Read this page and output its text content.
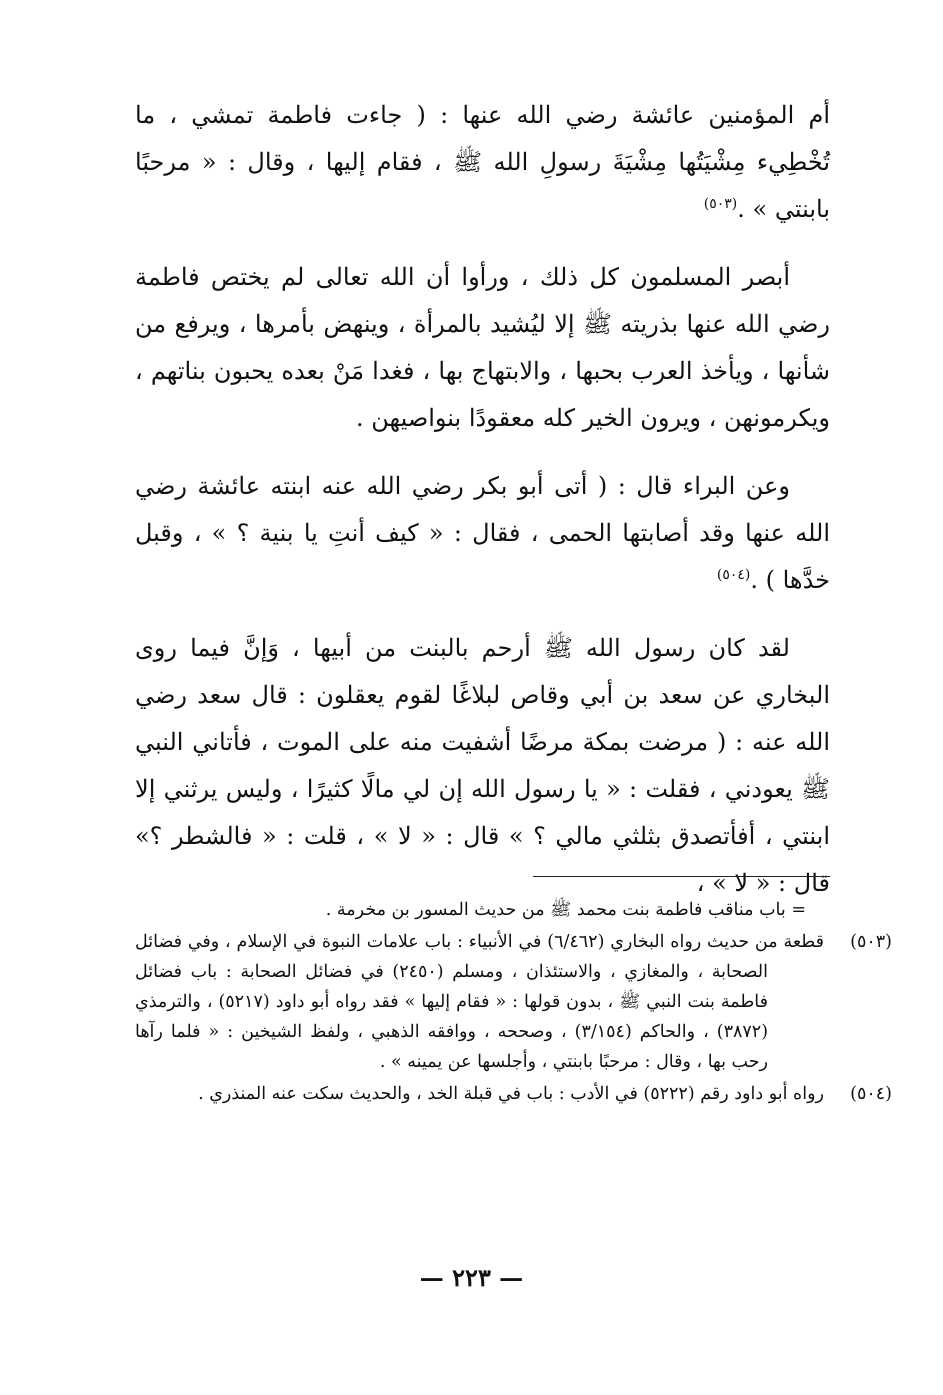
أم المؤمنين عائشة رضي الله عنها : ( جاءت فاطمة تمشي ، ما تُخْطِيء مِشْيَتُها مِشْيَةَ رسولِ الله ﷺ ، فقام إليها ، وقال : « مرحبًا بابنتي » .$^{(٥٠٣)}$

أبصر المسلمون كل ذلك ، ورأوا أن الله تعالى لم يختص فاطمة رضي الله عنها بذريته ﷺ إلا ليُشيد بالمرأة ، وينهض بأمرها ، ويرفع من شأنها ، ويأخذ العرب بحبها ، والابتهاج بها ، فغدا مَنْ بعده يحبون بناتهم ، ويكرمونهن ، ويرون الخير كله معقودًا بنواصيهن .

وعن البراء قال : ( أتى أبو بكر رضي الله عنه ابنته عائشة رضي الله عنها وقد أصابتها الحمى ، فقال : « كيف أنتِ يا بنية ؟ » ، وقبل خدَّها ) .$^{(٥٠٤)}$

لقد كان رسول الله ﷺ أرحم بالبنت من أبيها ، وَإنَّ فيما روى البخاري عن سعد بن أبي وقاص لبلاغًا لقوم يعقلون : قال سعد رضي الله عنه : ( مرضت بمكة مرضًا أشفيت منه على الموت ، فأتاني النبي ﷺ يعودني ، فقلت : « يا رسول الله إن لي مالًا كثيرًا ، وليس يرثني إلا ابنتي ، أفأتصدق بثلثي مالي ؟ » قال : « لا » ، قلت : « فالشطر ؟» قال : « لا » ،

= باب مناقب فاطمة بنت محمد ﷺ من حديث المسور بن مخرمة .

(٥٠٣)قطعة من حديث رواه البخاري (٦/٤٦٢) في الأنبياء : باب علامات النبوة في الإسلام ، وفي فضائل الصحابة ، والمغازي ، والاستئذان ، ومسلم (٢٤٥٠) في فضائل الصحابة : باب فضائل فاطمة بنت النبي ﷺ ، بدون قولها : « فقام إليها » فقد رواه أبو داود (٥٢١٧) ، والترمذي (٣٨٧٢) ، والحاكم (٣/١٥٤) ، وصححه ، ووافقه الذهبي ، ولفظ الشيخين : « فلما رآها رحب بها ، وقال : مرحبًا بابنتي ، وأجلسها عن يمينه » .

(٥٠٤)رواه أبو داود رقم (٥٢٢٢) في الأدب : باب في قبلة الخد ، والحديث سكت عنه المنذري .

— ٢٢٣ —
